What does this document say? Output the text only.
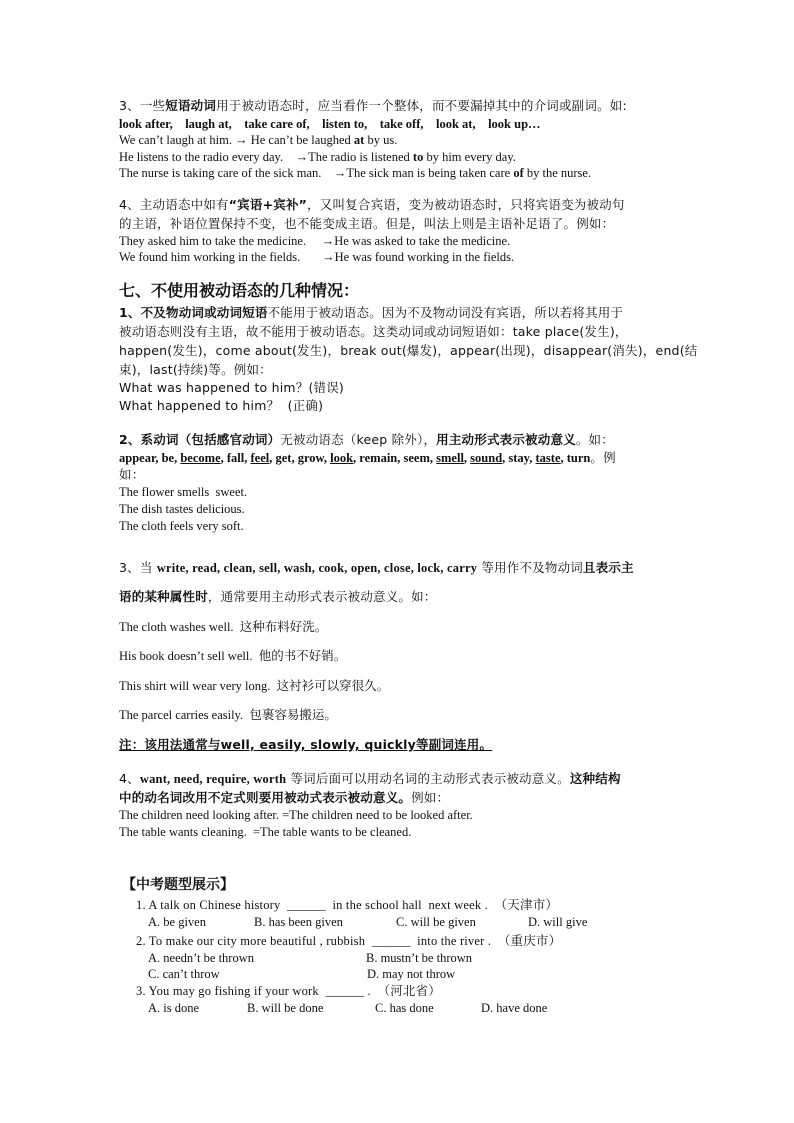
3、一些短语动词用于被动语态时，应当看作一个整体，而不要漏掉其中的介词或副词。如:
look after,    laugh at,    take care of,    listen to,    take off,    look at,    look up…
We can’t laugh at him. → He can’t be laughed at by us.
He listens to the radio every day.    →The radio is listened to by him every day.
The nurse is taking care of the sick man.    →The sick man is being taken care of by the nurse.
4、主动语态中如有“宾语+宾补”，又叫复合宾语，变为被动语态时，只将宾语变为被动句
的主语，补语位置保持不变，也不能变成主语。但是，叫法上则是主语补足语了。例如：
They asked him to take the medicine.     →He was asked to take the medicine.
We found him working in the fields.       →He was found working in the fields.
七、不使用被动语态的几种情况：
1、不及物动词或动词短语不能用于被动语态。因为不及物动词没有宾语，所以若将其用于
被动语态则没有主语，故不能用于被动语态。这类动词或动词短语如：take place(发生)，
happen(发生)，come about(发生)，break out(爆发)，appear(出现)，disappear(消失)，end(结
束)，last(持续)等。例如：
What was happened to him？(错误)
What happened to him？  (正确)
2、系动词（包括感官动词）无被动语态（keep 除外），用主动形式表示被动意义。如：
appear, be, become, fall, feel, get, grow, look, remain, seem, smell, sound, stay, taste, turn。例
如：
The flower smells  sweet.
The dish tastes delicious.
The cloth feels very soft.
3、当 write, read, clean, sell, wash, cook, open, close, lock, carry 等用作不及物动词且表示主
语的某种属性时，通常要用主动形式表示被动意义。如：
The cloth washes well.  这种布料好洗。
His book doesn’t sell well.  他的书不好销。
This shirt will wear very long.  这衬衫可以穿很久。
The parcel carries easily.  包裹容易搬运。
注：该用法通常与well, easily, slowly, quickly等副词连用。
4、want, need, require, worth 等词后面可以用动名词的主动形式表示被动意义。这种结构
中的动名词改用不定式则要用被动式表示被动意义。例如：
The children need looking after. =The children need to be looked after.
The table wants cleaning.  =The table wants to be cleaned.
【中考题型展示】
1. A talk on Chinese history  ______  in the school hall  next week .  （天津市）
A. be given	B. has been given	C. will be given	D. will give
2. To make our city more beautiful , rubbish  ______  into the river .  （重庆市）
A. needn’t be thrown	B. mustn’t be thrown
C. can’t throw	D. may not throw
3. You may go fishing if your work  ______ .  （河北省）
A. is done	B. will be done	C. has done	D. have done
